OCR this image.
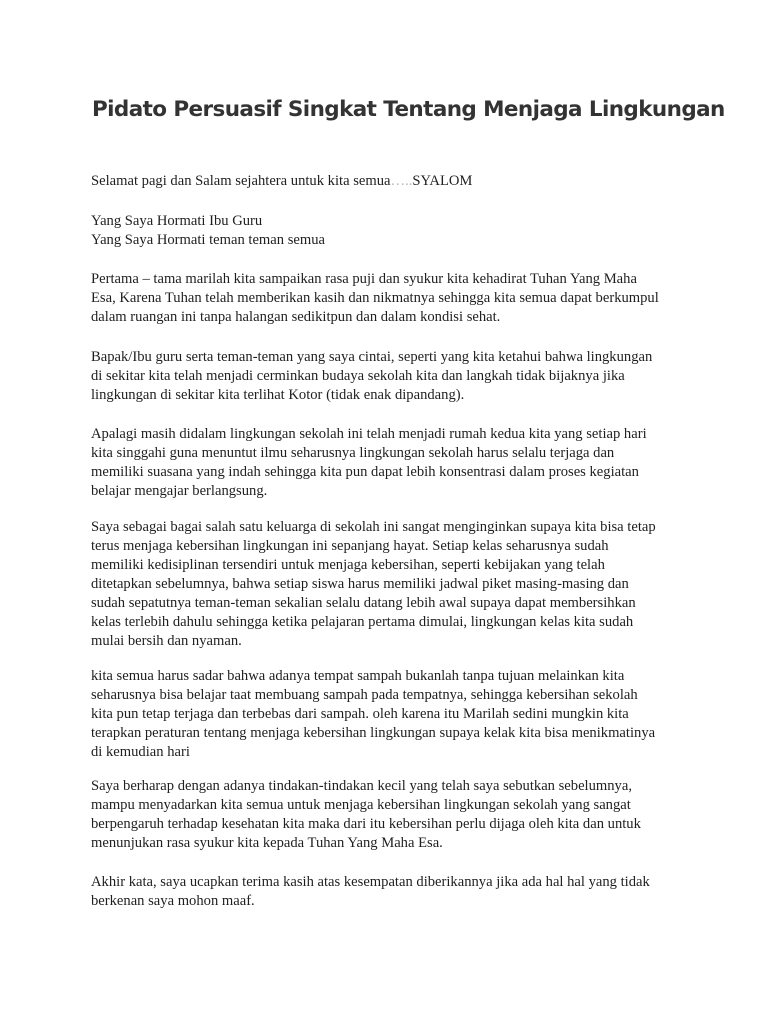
Pidato Persuasif Singkat Tentang Menjaga Lingkungan

Selamat pagi dan Salam sejahtera untuk kita semua…..SYALOM

Yang Saya Hormati Ibu Guru
Yang Saya Hormati teman teman semua

Pertama – tama marilah kita sampaikan rasa puji dan syukur kita kehadirat Tuhan Yang Maha
Esa, Karena Tuhan telah memberikan kasih dan nikmatnya sehingga kita semua dapat berkumpul
dalam ruangan ini tanpa halangan sedikitpun dan dalam kondisi sehat.

Bapak/Ibu guru serta teman-teman yang saya cintai, seperti yang kita ketahui bahwa lingkungan
di sekitar kita telah menjadi cerminkan budaya sekolah kita dan langkah tidak bijaknya jika
lingkungan di sekitar kita terlihat Kotor (tidak enak dipandang).

Apalagi masih didalam lingkungan sekolah ini telah menjadi rumah kedua kita yang setiap hari
kita singgahi guna menuntut ilmu seharusnya lingkungan sekolah harus selalu terjaga dan
memiliki suasana yang indah sehingga kita pun dapat lebih konsentrasi dalam proses kegiatan
belajar mengajar berlangsung.

Saya sebagai bagai salah satu keluarga di sekolah ini sangat menginginkan supaya kita bisa tetap
terus menjaga kebersihan lingkungan ini sepanjang hayat. Setiap kelas seharusnya sudah
memiliki kedisiplinan tersendiri untuk menjaga kebersihan, seperti kebijakan yang telah
ditetapkan sebelumnya, bahwa setiap siswa harus memiliki jadwal piket masing-masing dan
sudah sepatutnya teman-teman sekalian selalu datang lebih awal supaya dapat membersihkan
kelas terlebih dahulu sehingga ketika pelajaran pertama dimulai, lingkungan kelas kita sudah
mulai bersih dan nyaman.

kita semua harus sadar bahwa adanya tempat sampah bukanlah tanpa tujuan melainkan kita
seharusnya bisa belajar taat membuang sampah pada tempatnya, sehingga kebersihan sekolah
kita pun tetap terjaga dan terbebas dari sampah. oleh karena itu Marilah sedini mungkin kita
terapkan peraturan tentang menjaga kebersihan lingkungan supaya kelak kita bisa menikmatinya
di kemudian hari

Saya berharap dengan adanya tindakan-tindakan kecil yang telah saya sebutkan sebelumnya,
mampu menyadarkan kita semua untuk menjaga kebersihan lingkungan sekolah yang sangat
berpengaruh terhadap kesehatan kita maka dari itu kebersihan perlu dijaga oleh kita dan untuk
menunjukan rasa syukur kita kepada Tuhan Yang Maha Esa.

Akhir kata, saya ucapkan terima kasih atas kesempatan diberikannya jika ada hal hal yang tidak
berkenan saya mohon maaf.
